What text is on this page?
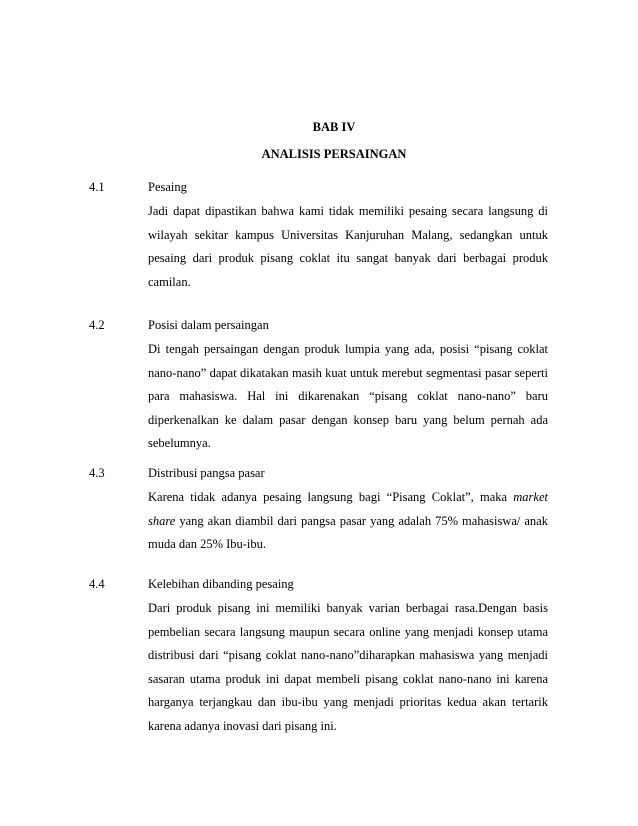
BAB IV
ANALISIS PERSAINGAN
4.1	Pesaing
Jadi dapat dipastikan bahwa kami tidak memiliki pesaing secara langsung di wilayah sekitar kampus Universitas Kanjuruhan Malang, sedangkan untuk pesaing dari produk pisang coklat itu sangat banyak dari berbagai produk camilan.
4.2	Posisi dalam persaingan
Di tengah persaingan dengan produk lumpia yang ada, posisi “pisang coklat nano-nano” dapat dikatakan masih kuat untuk merebut segmentasi pasar seperti para mahasiswa. Hal ini dikarenakan “pisang coklat nano-nano” baru diperkenalkan ke dalam pasar dengan konsep baru yang belum pernah ada sebelumnya.
4.3	Distribusi pangsa pasar
Karena tidak adanya pesaing langsung bagi “Pisang Coklat”, maka market share yang akan diambil dari pangsa pasar yang adalah 75% mahasiswa/ anak muda dan 25% Ibu-ibu.
4.4	Kelebihan dibanding pesaing
Dari produk pisang ini memiliki banyak varian berbagai rasa.Dengan basis pembelian secara langsung maupun secara online yang menjadi konsep utama distribusi dari “pisang coklat nano-nano”diharapkan mahasiswa yang menjadi sasaran utama produk ini dapat membeli pisang coklat nano-nano ini karena harganya terjangkau dan ibu-ibu yang menjadi prioritas kedua akan tertarik karena adanya inovasi dari pisang ini.
